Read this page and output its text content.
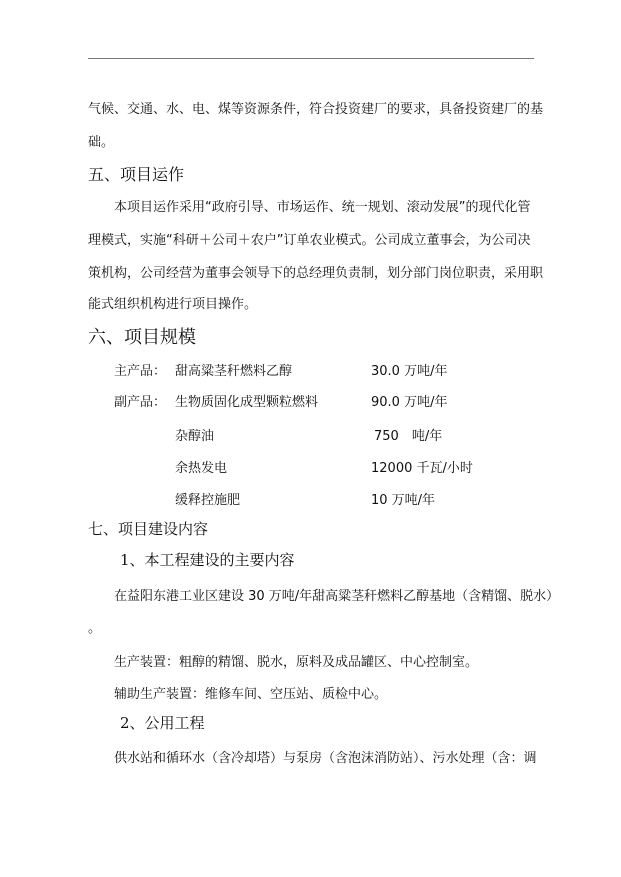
气候、交通、水、电、煤等资源条件，符合投资建厂的要求，具备投资建厂的基
础。
五、项目运作
本项目运作采用“政府引导、市场运作、统一规划、滚动发展”的现代化管
理模式，实施“科研＋公司＋农户”订单农业模式。公司成立董事会，为公司决
策机构，公司经营为董事会领导下的总经理负责制，划分部门岗位职责，采用职
能式组织机构进行项目操作。
六、项目规模
主产品： 甜高粱茎秆燃料乙醇	30.0 万吨/年
副产品： 生物质固化成型颗粒燃料	90.0 万吨/年
杂醇油	750　吨/年
余热发电	12000 千瓦/小时
缓释控施肥	10 万吨/年
七、项目建设内容
1、本工程建设的主要内容
在益阳东港工业区建设 30 万吨/年甜高粱茎秆燃料乙醇基地（含精馏、脱水）
。
生产装置：粗醇的精馏、脱水，原料及成品罐区、中心控制室。
辅助生产装置：维修车间、空压站、质检中心。
2、公用工程
供水站和循环水（含冷却塔）与泵房（含泡沫消防站）、污水处理（含：调
